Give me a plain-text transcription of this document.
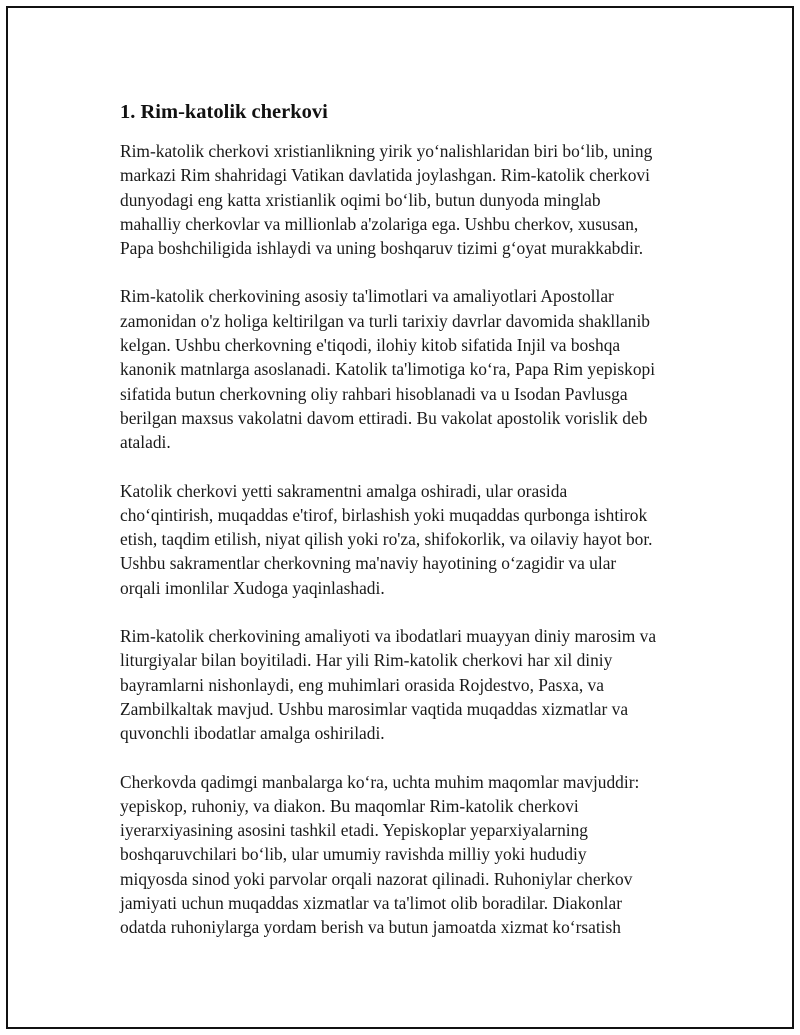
1. Rim-katolik cherkovi

Rim-katolik cherkovi xristianlikning yirik yo‘nalishlaridan biri bo‘lib, uning
markazi Rim shahridagi Vatikan davlatida joylashgan. Rim-katolik cherkovi
dunyodagi eng katta xristianlik oqimi bo‘lib, butun dunyoda minglab
mahalliy cherkovlar va millionlab a'zolariga ega. Ushbu cherkov, xususan,
Papa boshchiligida ishlaydi va uning boshqaruv tizimi g‘oyat murakkabdir.

Rim-katolik cherkovining asosiy ta'limotlari va amaliyotlari Apostollar
zamonidan o'z holiga keltirilgan va turli tarixiy davrlar davomida shakllanib
kelgan. Ushbu cherkovning e'tiqodi, ilohiy kitob sifatida Injil va boshqa
kanonik matnlarga asoslanadi. Katolik ta'limotiga ko‘ra, Papa Rim yepiskopi
sifatida butun cherkovning oliy rahbari hisoblanadi va u Isodan Pavlusga
berilgan maxsus vakolatni davom ettiradi. Bu vakolat apostolik vorislik deb
ataladi.

Katolik cherkovi yetti sakramentni amalga oshiradi, ular orasida
cho‘qintirish, muqaddas e'tirof, birlashish yoki muqaddas qurbonga ishtirok
etish, taqdim etilish, niyat qilish yoki ro'za, shifokorlik, va oilaviy hayot bor.
Ushbu sakramentlar cherkovning ma'naviy hayotining o‘zagidir va ular
orqali imonlilar Xudoga yaqinlashadi.

Rim-katolik cherkovining amaliyoti va ibodatlari muayyan diniy marosim va
liturgiyalar bilan boyitiladi. Har yili Rim-katolik cherkovi har xil diniy
bayramlarni nishonlaydi, eng muhimlari orasida Rojdestvo, Pasxa, va
Zambilkaltak mavjud. Ushbu marosimlar vaqtida muqaddas xizmatlar va
quvonchli ibodatlar amalga oshiriladi.

Cherkovda qadimgi manbalarga ko‘ra, uchta muhim maqomlar mavjuddir:
yepiskop, ruhoniy, va diakon. Bu maqomlar Rim-katolik cherkovi
iyerarxiyasining asosini tashkil etadi. Yepiskoplar yeparxiyalarning
boshqaruvchilari bo‘lib, ular umumiy ravishda milliy yoki hududiy
miqyosda sinod yoki parvolar orqali nazorat qilinadi. Ruhoniylar cherkov
jamiyati uchun muqaddas xizmatlar va ta'limot olib boradilar. Diakonlar
odatda ruhoniylarga yordam berish va butun jamoatda xizmat ko‘rsatish
